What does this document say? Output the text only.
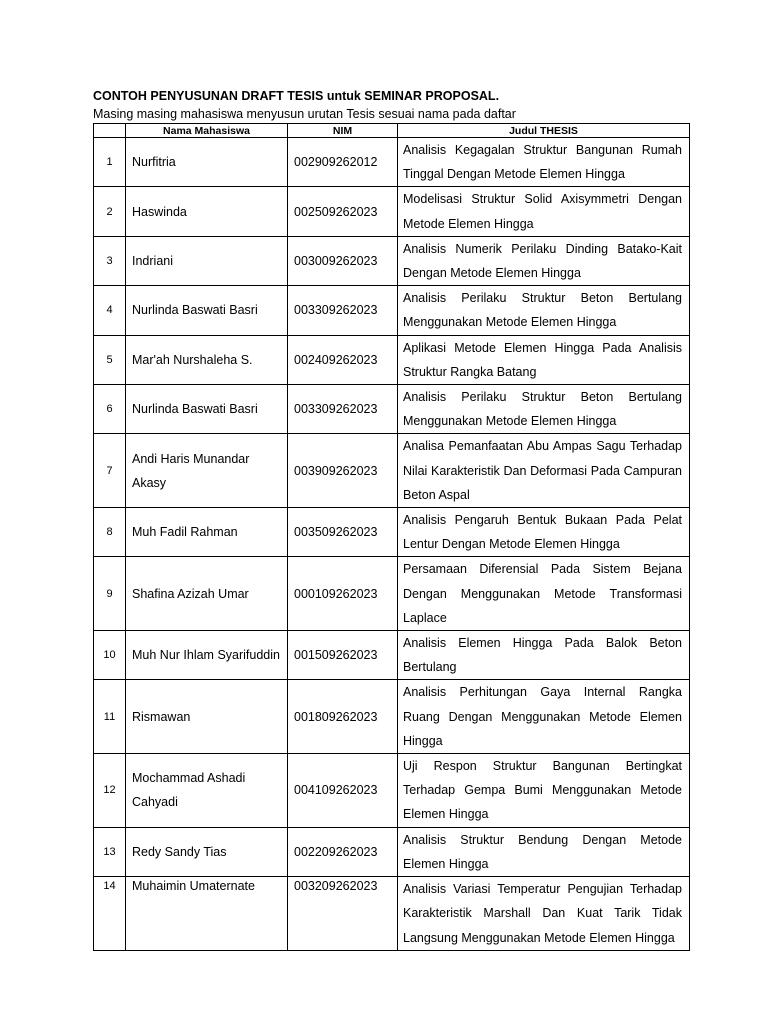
CONTOH PENYUSUNAN DRAFT TESIS untuk SEMINAR PROPOSAL.

Masing masing mahasiswa menyusun urutan Tesis sesuai nama pada daftar

	Nama Mahasiswa	NIM	Judul THESIS
1	Nurfitria	002909262012	Analisis Kegagalan Struktur Bangunan Rumah Tinggal Dengan Metode Elemen Hingga
2	Haswinda	002509262023	Modelisasi Struktur Solid Axisymmetri Dengan Metode Elemen Hingga
3	Indriani	003009262023	Analisis Numerik Perilaku Dinding Batako-Kait Dengan Metode Elemen Hingga
4	Nurlinda Baswati Basri	003309262023	Analisis Perilaku Struktur Beton Bertulang Menggunakan Metode Elemen Hingga
5	Mar'ah Nurshaleha S.	002409262023	Aplikasi Metode Elemen Hingga Pada Analisis Struktur Rangka Batang
6	Nurlinda Baswati Basri	003309262023	Analisis Perilaku Struktur Beton Bertulang Menggunakan Metode Elemen Hingga
7	Andi Haris Munandar Akasy	003909262023	Analisa Pemanfaatan Abu Ampas Sagu Terhadap Nilai Karakteristik Dan Deformasi Pada Campuran Beton Aspal
8	Muh Fadil Rahman	003509262023	Analisis Pengaruh Bentuk Bukaan Pada Pelat Lentur Dengan Metode Elemen Hingga
9	Shafina Azizah Umar	000109262023	Persamaan Diferensial Pada Sistem Bejana Dengan Menggunakan Metode Transformasi Laplace
10	Muh Nur Ihlam Syarifuddin	001509262023	Analisis Elemen Hingga Pada Balok Beton Bertulang
11	Rismawan	001809262023	Analisis Perhitungan Gaya Internal Rangka Ruang Dengan Menggunakan Metode Elemen Hingga
12	Mochammad Ashadi Cahyadi	004109262023	Uji Respon Struktur Bangunan Bertingkat Terhadap Gempa Bumi Menggunakan Metode Elemen Hingga
13	Redy Sandy Tias	002209262023	Analisis Struktur Bendung Dengan Metode Elemen Hingga
14	Muhaimin Umaternate	003209262023	Analisis Variasi Temperatur Pengujian Terhadap Karakteristik Marshall Dan Kuat Tarik Tidak Langsung Menggunakan Metode Elemen Hingga
